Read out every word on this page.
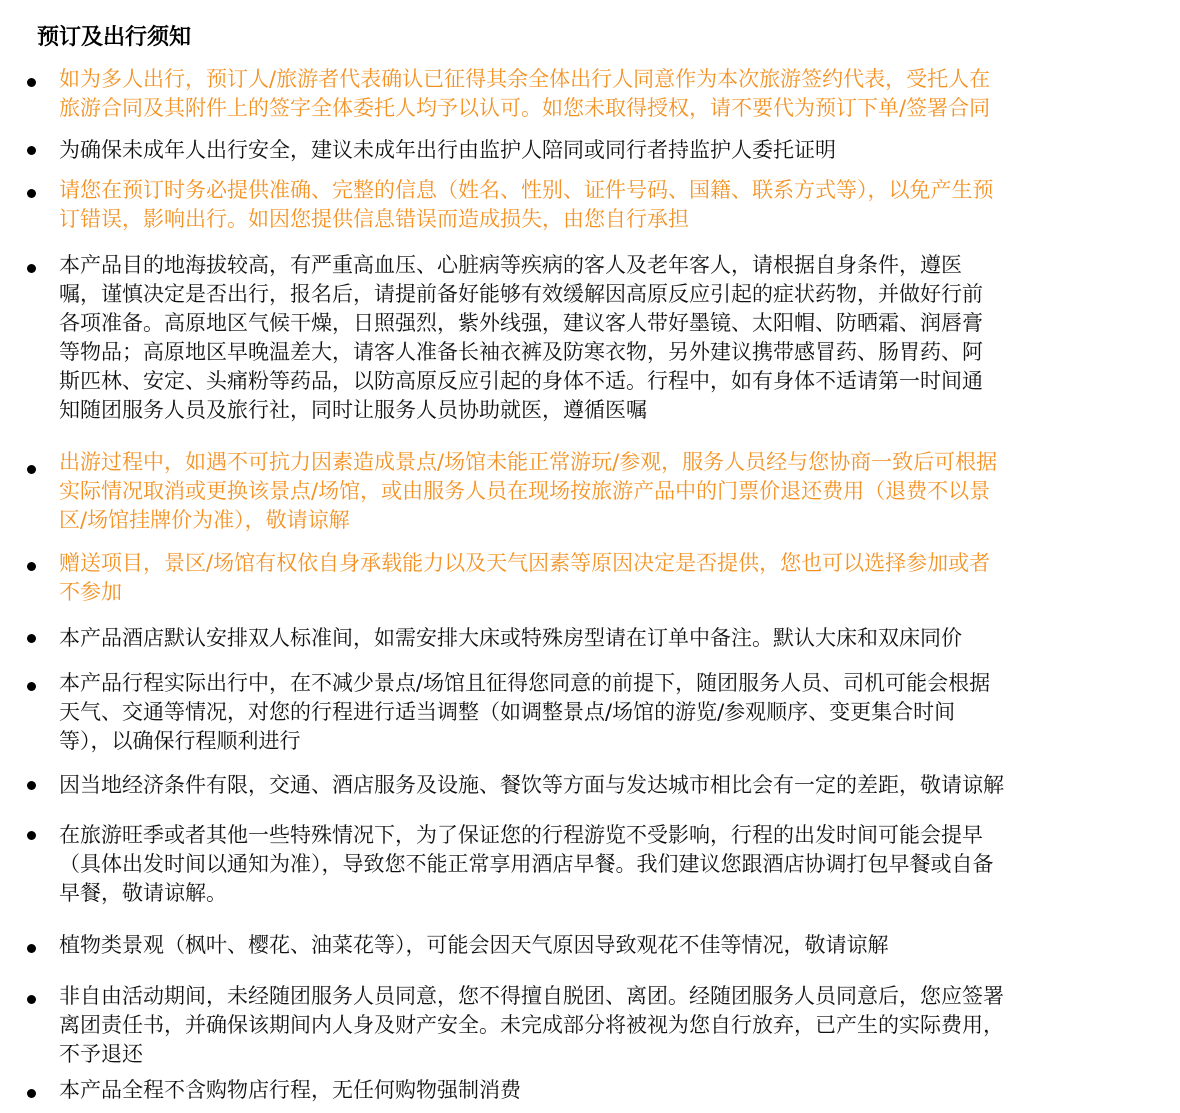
预订及出行须知
如为多人出行，预订人/旅游者代表确认已征得其余全体出行人同意作为本次旅游签约代表，受托人在
旅游合同及其附件上的签字全体委托人均予以认可。如您未取得授权，请不要代为预订下单/签署合同
为确保未成年人出行安全，建议未成年出行由监护人陪同或同行者持监护人委托证明
请您在预订时务必提供准确、完整的信息（姓名、性别、证件号码、国籍、联系方式等），以免产生预
订错误，影响出行。如因您提供信息错误而造成损失，由您自行承担
本产品目的地海拔较高，有严重高血压、心脏病等疾病的客人及老年客人，请根据自身条件，遵医
嘱，谨慎决定是否出行，报名后，请提前备好能够有效缓解因高原反应引起的症状药物，并做好行前
各项准备。高原地区气候干燥，日照强烈，紫外线强，建议客人带好墨镜、太阳帽、防晒霜、润唇膏
等物品；高原地区早晚温差大，请客人准备长袖衣裤及防寒衣物，另外建议携带感冒药、肠胃药、阿
斯匹林、安定、头痛粉等药品，以防高原反应引起的身体不适。行程中，如有身体不适请第一时间通
知随团服务人员及旅行社，同时让服务人员协助就医，遵循医嘱
出游过程中，如遇不可抗力因素造成景点/场馆未能正常游玩/参观，服务人员经与您协商一致后可根据
实际情况取消或更换该景点/场馆，或由服务人员在现场按旅游产品中的门票价退还费用（退费不以景
区/场馆挂牌价为准），敬请谅解
赠送项目，景区/场馆有权依自身承载能力以及天气因素等原因决定是否提供，您也可以选择参加或者
不参加
本产品酒店默认安排双人标准间，如需安排大床或特殊房型请在订单中备注。默认大床和双床同价
本产品行程实际出行中，在不减少景点/场馆且征得您同意的前提下，随团服务人员、司机可能会根据
天气、交通等情况，对您的行程进行适当调整（如调整景点/场馆的游览/参观顺序、变更集合时间
等），以确保行程顺利进行
因当地经济条件有限，交通、酒店服务及设施、餐饮等方面与发达城市相比会有一定的差距，敬请谅解
在旅游旺季或者其他一些特殊情况下，为了保证您的行程游览不受影响，行程的出发时间可能会提早
（具体出发时间以通知为准），导致您不能正常享用酒店早餐。我们建议您跟酒店协调打包早餐或自备
早餐，敬请谅解。
植物类景观（枫叶、樱花、油菜花等），可能会因天气原因导致观花不佳等情况，敬请谅解
非自由活动期间，未经随团服务人员同意，您不得擅自脱团、离团。经随团服务人员同意后，您应签署
离团责任书，并确保该期间内人身及财产安全。未完成部分将被视为您自行放弃，已产生的实际费用，
不予退还
本产品全程不含购物店行程，无任何购物强制消费
